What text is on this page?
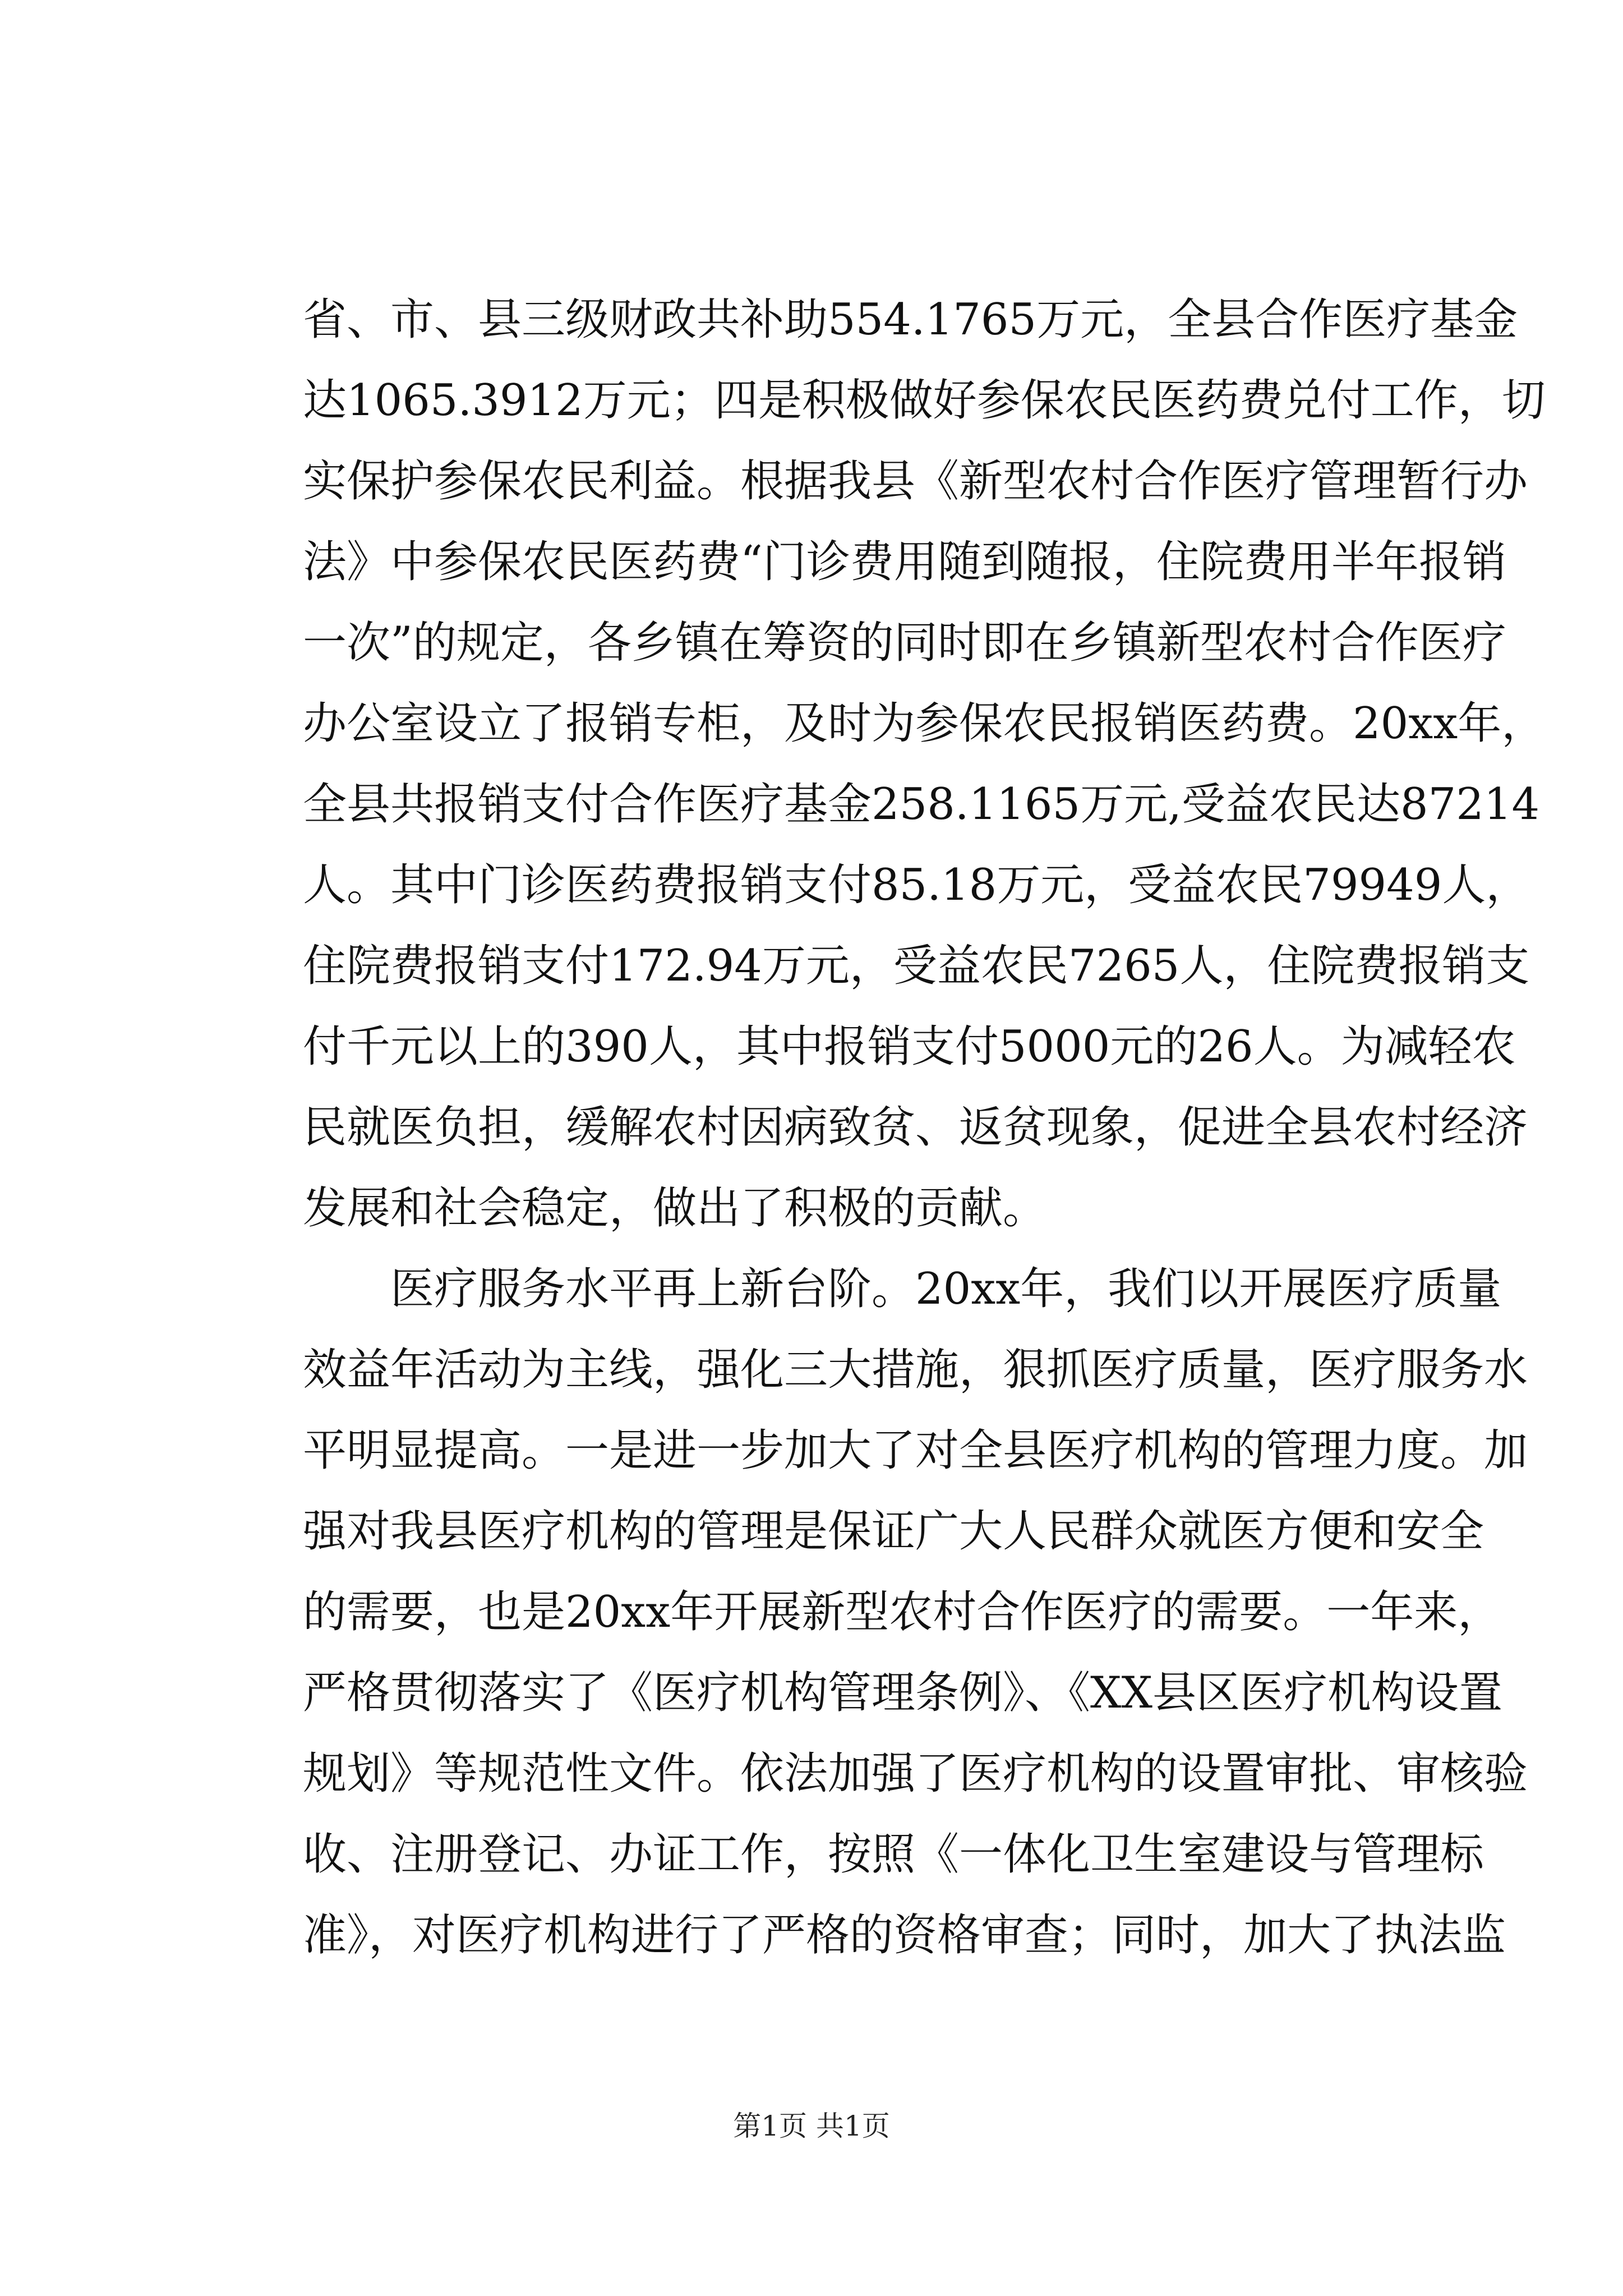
省、市、县三级财政共补助554.1765万元，全县合作医疗基金
达1065.3912万元；四是积极做好参保农民医药费兑付工作，切
实保护参保农民利益。根据我县《新型农村合作医疗管理暂行办
法》中参保农民医药费“门诊费用随到随报，住院费用半年报销
一次”的规定，各乡镇在筹资的同时即在乡镇新型农村合作医疗
办公室设立了报销专柜，及时为参保农民报销医药费。20xx年，
全县共报销支付合作医疗基金258.1165万元,受益农民达87214
人。其中门诊医药费报销支付85.18万元，受益农民79949人，
住院费报销支付172.94万元，受益农民7265人，住院费报销支
付千元以上的390人，其中报销支付5000元的26人。为减轻农
民就医负担，缓解农村因病致贫、返贫现象，促进全县农村经济
发展和社会稳定，做出了积极的贡献。
医疗服务水平再上新台阶。20xx年，我们以开展医疗质量
效益年活动为主线，强化三大措施，狠抓医疗质量，医疗服务水
平明显提高。一是进一步加大了对全县医疗机构的管理力度。加
强对我县医疗机构的管理是保证广大人民群众就医方便和安全
的需要，也是20xx年开展新型农村合作医疗的需要。一年来，
严格贯彻落实了《医疗机构管理条例》、《XX县区医疗机构设置
规划》等规范性文件。依法加强了医疗机构的设置审批、审核验
收、注册登记、办证工作，按照《一体化卫生室建设与管理标
准》，对医疗机构进行了严格的资格审查；同时，加大了执法监
第1页 共1页
